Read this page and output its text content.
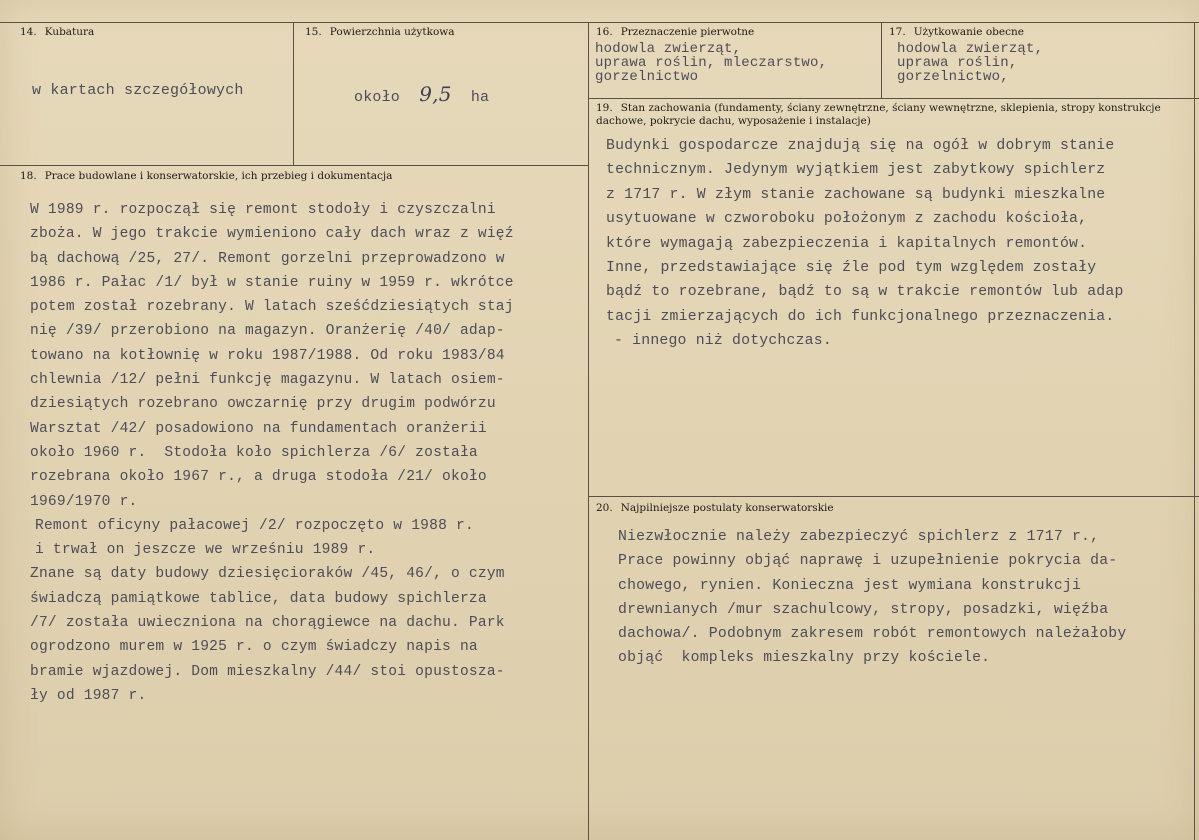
14. Kubatura
w kartach szczegółowych
15. Powierzchnia użytkowa
około 9,5 ha
16. Przeznaczenie pierwotne
hodowla zwierząt,
uprawa roślin, mleczarstwo,
gorzelnictwo
17. Użytkowanie obecne
hodowla zwierząt,
uprawa roślin,
gorzelnictwo,
19. Stan zachowania (fundamenty, ściany zewnętrzne, ściany wewnętrzne, sklepienia, stropy konstrukcje dachowe, pokrycie dachu, wyposażenie i instalacje)
Budynki gospodarcze znajdują się na ogół w dobrym stanie
technicznym. Jedynym wyjątkiem jest zabytkowy spichlerz
z 1717 r. W złym stanie zachowane są budynki mieszkalne
usytuowane w czworoboku położonym z zachodu kościoła,
które wymagają zabezpieczenia i kapitalnych remontów.
Inne, przedstawiające się źle pod tym względem zostały
bądź to rozebrane, bądź to są w trakcie remontów lub adap
tacji zmierzających do ich funkcjonalnego przeznaczenia.
- innego niż dotychczas.
18. Prace budowlane i konserwatorskie, ich przebieg i dokumentacja
W 1989 r. rozpoczął się remont stodoły i czyszczalni
zboża. W jego trakcie wymieniono cały dach wraz z więź
bą dachową /25, 27/. Remont gorzelni przeprowadzono w
1986 r. Pałac /1/ był w stanie ruiny w 1959 r. wkrótce
potem został rozebrany. W latach sześćdziesiątych staj
nię /39/ przerobiono na magazyn. Oranżerię /40/ adap-
towano na kotłownię w roku 1987/1988. Od roku 1983/84
chlewnia /12/ pełni funkcję magazynu. W latach osiem-
dziesiątych rozebrano owczarnię przy drugim podwórzu
Warsztat /42/ posadowiono na fundamentach oranżerii
około 1960 r.  Stodoła koło spichlerza /6/ została
rozebrana około 1967 r., a druga stodoła /21/ około
1969/1970 r.
Remont oficyny pałacowej /2/ rozpoczęto w 1988 r.
i trwał on jeszcze we wrześniu 1989 r.
Znane są daty budowy dziesięcioraków /45, 46/, o czym
świadczą pamiątkowe tablice, data budowy spichlerza
/7/ została uwieczniona na chorągiewce na dachu. Park
ogrodzono murem w 1925 r. o czym świadczy napis na
bramie wjazdowej. Dom mieszkalny /44/ stoi opustosza-
ły od 1987 r.
20. Najpilniejsze postulaty konserwatorskie
Niezwłocznie należy zabezpieczyć spichlerz z 1717 r.,
Prace powinny objąć naprawę i uzupełnienie pokrycia da-
chowego, rynien. Konieczna jest wymiana konstrukcji
drewnianych /mur szachulcowy, stropy, posadzki, więźba
dachowa/. Podobnym zakresem robót remontowych należałoby
objąć  kompleks mieszkalny przy kościele.
